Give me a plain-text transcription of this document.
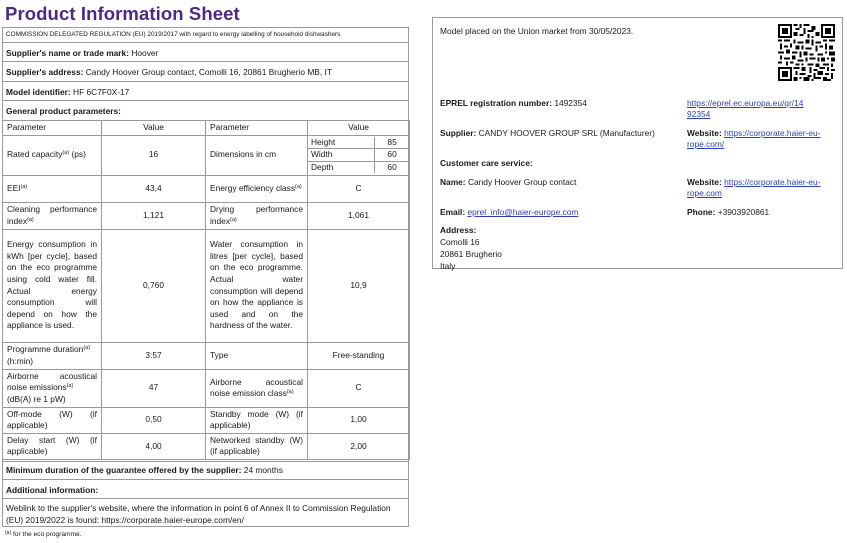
Product Information Sheet
COMMISSION DELEGATED REGULATION (EU) 2019/2017 with regard to energy labelling of household dishwashers
Supplier's name or trade mark: Hoover
Supplier's address: Candy Hoover Group contact, Comolli 16, 20861 Brugherio MB, IT
Model identifier: HF 6C7F0X-17
General product parameters:
Parameter	Value	Parameter	Value
Rated capacity$^{(a)}$ (ps)	16	Dimensions in cm	
Height	85
Width	60
Depth	60

EEI$^{(a)}$	43,4	Energy efficiency class$^{(a)}$	C
Cleaning performance index$^{(a)}$	1,121	Drying performance index$^{(a)}$	1,061
Energy consumption in kWh [per cycle], based on the eco programme using cold water fill. Actual energy consumption will depend on how the appliance is used.	0,760	Water consumption in litres [per cycle], based on the eco programme. Actual water consumption will depend on how the appliance is used and on the hardness of the water.	10,9
Programme duration$^{(a)}$
(h:min)	3:57	Type	Free-standing
Airborne acoustical noise emissions$^{(a)}$
(dB(A) re 1 pW)	47	Airborne acoustical noise emission class$^{(a)}$	C
Off-mode (W) (if applicable)	0,50	Standby mode (W) (if applicable)	1,00
Delay start (W) (if applicable)	4,00	Networked standby (W) (if applicable)	2,00
Minimum duration of the guarantee offered by the supplier: 24 months
Additional information:
Weblink to the supplier's website, where the information in point 6 of Annex II to Commission Regulation (EU) 2019/2022 is found: https://corporate.haier-europe.com/en/
$^{(a)}$ for the eco programme.
Model placed on the Union market from 30/05/2023.
EPREL registration number: 1492354	https://eprel.ec.europa.eu/qr/14
92354
Supplier: CANDY HOOVER GROUP SRL (Manufacturer)	Website: https://corporate.haier-eu-
rope.com/
Customer care service:
Name: Candy Hoover Group contact	Website: https://corporate.haier-eu-
rope.com
Email: eprel_info@haier-europe.com	Phone: +3903920861
Address:
Comolli 16
20861 Brugherio
Italy
